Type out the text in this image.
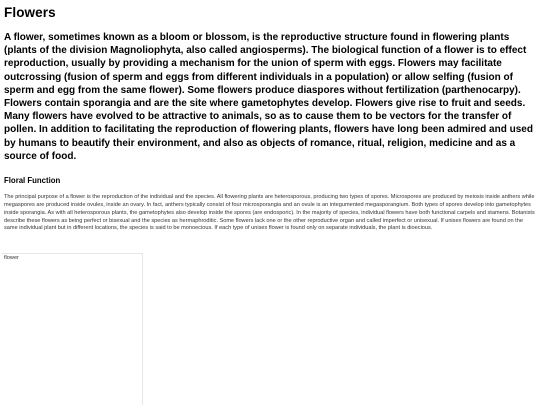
Flowers

A flower, sometimes known as a bloom or blossom, is the reproductive structure found in flowering plants (plants of the division Magnoliophyta, also called angiosperms). The biological function of a flower is to effect reproduction, usually by providing a mechanism for the union of sperm with eggs. Flowers may facilitate outcrossing (fusion of sperm and eggs from different individuals in a population) or allow selfing (fusion of sperm and egg from the same flower). Some flowers produce diaspores without fertilization (parthenocarpy). Flowers contain sporangia and are the site where gametophytes develop. Flowers give rise to fruit and seeds. Many flowers have evolved to be attractive to animals, so as to cause them to be vectors for the transfer of pollen. In addition to facilitating the reproduction of flowering plants, flowers have long been admired and used by humans to beautify their environment, and also as objects of romance, ritual, religion, medicine and as a source of food.

Floral Function

The principal purpose of a flower is the reproduction of the individual and the species. All flowering plants are heterosporous, producing two types of spores. Microspores are produced by meiosis inside anthers while megaspores are produced inside ovules, inside an ovary. In fact, anthers typically consist of four microsporangia and an ovule is an integumented megasporangium. Both types of spores develop into gametophytes inside sporangia. As with all heterosporous plants, the gametophytes also develop inside the spores (are endosporic). In the majority of species, individual flowers have both functional carpels and stamens. Botanists describe these flowers as being perfect or bisexual and the species as hermaphroditic. Some flowers lack one or the other reproductive organ and called imperfect or unisexual. If unisex flowers are found on the same individual plant but in different locations, the species is said to be monoecious. If each type of unisex flower is found only on separate individuals, the plant is dioecious.

flower
